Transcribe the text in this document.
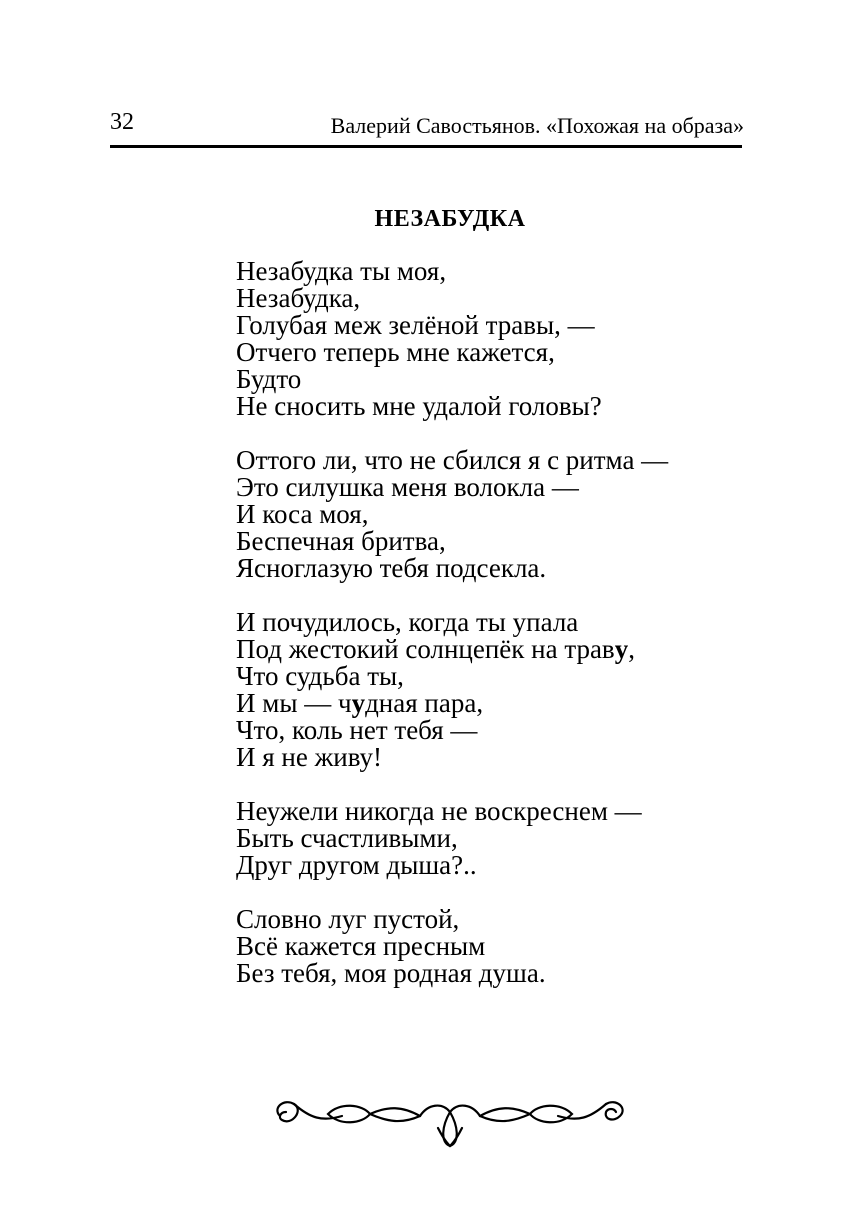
32	Валерий Савостьянов. «Похожая на образа»
НЕЗАБУДКА
Незабудка ты моя,
Незабудка,
Голубая меж зелёной травы, —
Отчего теперь мне кажется,
Будто
Не сносить мне удалой головы?
Оттого ли, что не сбился я с ритма —
Это силушка меня волокла —
И коса моя,
Беспечная бритва,
Ясноглазую тебя подсекла.
И почудилось, когда ты упала
Под жестокий солнцепёк на траву,
Что судьба ты,
И мы — чудная пара,
Что, коль нет тебя —
И я не живу!
Неужели никогда не воскреснем —
Быть счастливыми,
Друг другом дыша?..
Словно луг пустой,
Всё кажется пресным
Без тебя, моя родная душа.
